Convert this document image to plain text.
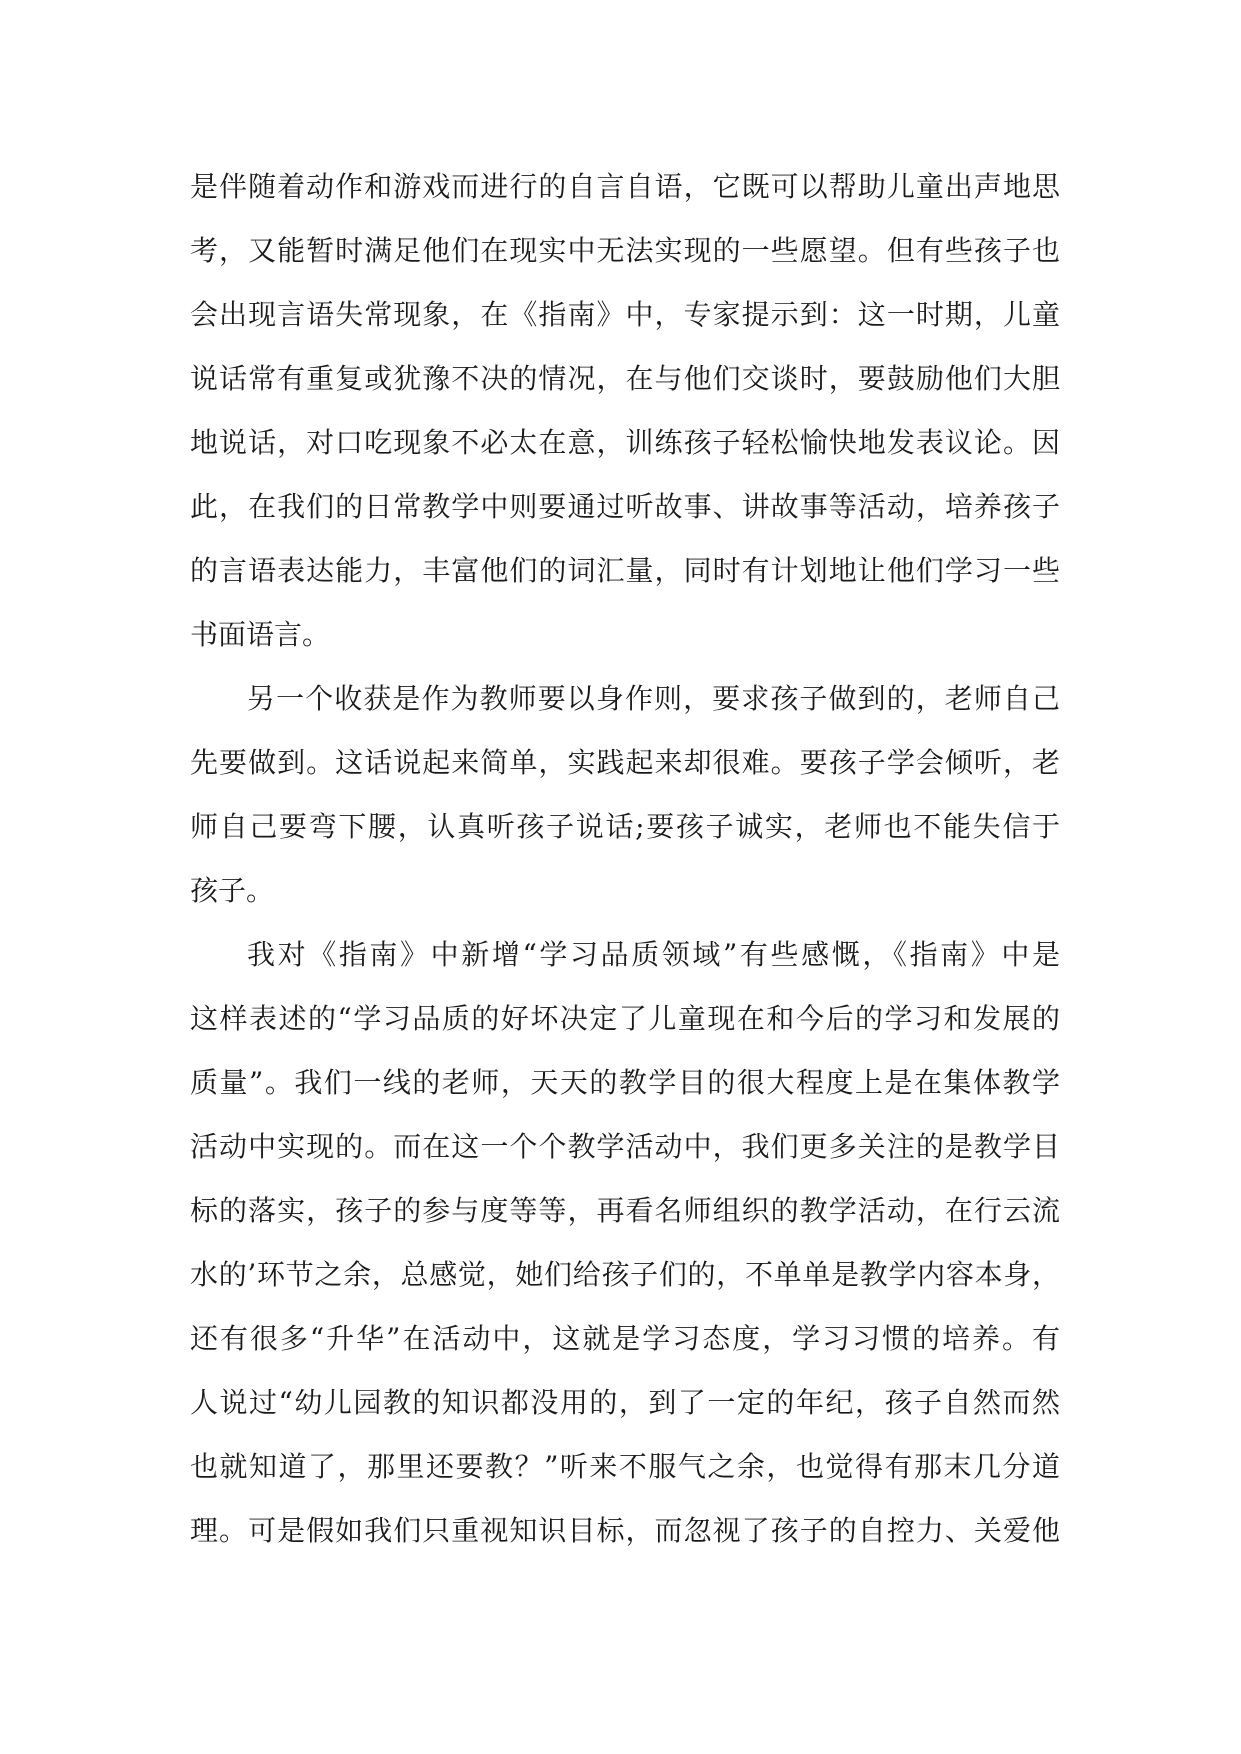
是伴随着动作和游戏而进行的自言自语，它既可以帮助儿童出声地思
考，又能暂时满足他们在现实中无法实现的一些愿望。但有些孩子也
会出现言语失常现象，在《指南》中，专家提示到：这一时期，儿童
说话常有重复或犹豫不决的情况，在与他们交谈时，要鼓励他们大胆
地说话，对口吃现象不必太在意，训练孩子轻松愉快地发表议论。因
此，在我们的日常教学中则要通过听故事、讲故事等活动，培养孩子
的言语表达能力，丰富他们的词汇量，同时有计划地让他们学习一些
书面语言。
另一个收获是作为教师要以身作则，要求孩子做到的，老师自己
先要做到。这话说起来简单，实践起来却很难。要孩子学会倾听，老
师自己要弯下腰，认真听孩子说话;要孩子诚实，老师也不能失信于
孩子。
我对《指南》中新增“学习品质领域”有些感慨，《指南》中是
这样表述的“学习品质的好坏决定了儿童现在和今后的学习和发展的
质量”。我们一线的老师，天天的教学目的很大程度上是在集体教学
活动中实现的。而在这一个个教学活动中，我们更多关注的是教学目
标的落实，孩子的参与度等等，再看名师组织的教学活动，在行云流
水的’环节之余，总感觉，她们给孩子们的，不单单是教学内容本身，
还有很多“升华”在活动中，这就是学习态度，学习习惯的培养。有
人说过“幼儿园教的知识都没用的，到了一定的年纪，孩子自然而然
也就知道了，那里还要教？”听来不服气之余，也觉得有那末几分道
理。可是假如我们只重视知识目标，而忽视了孩子的自控力、关爱他
